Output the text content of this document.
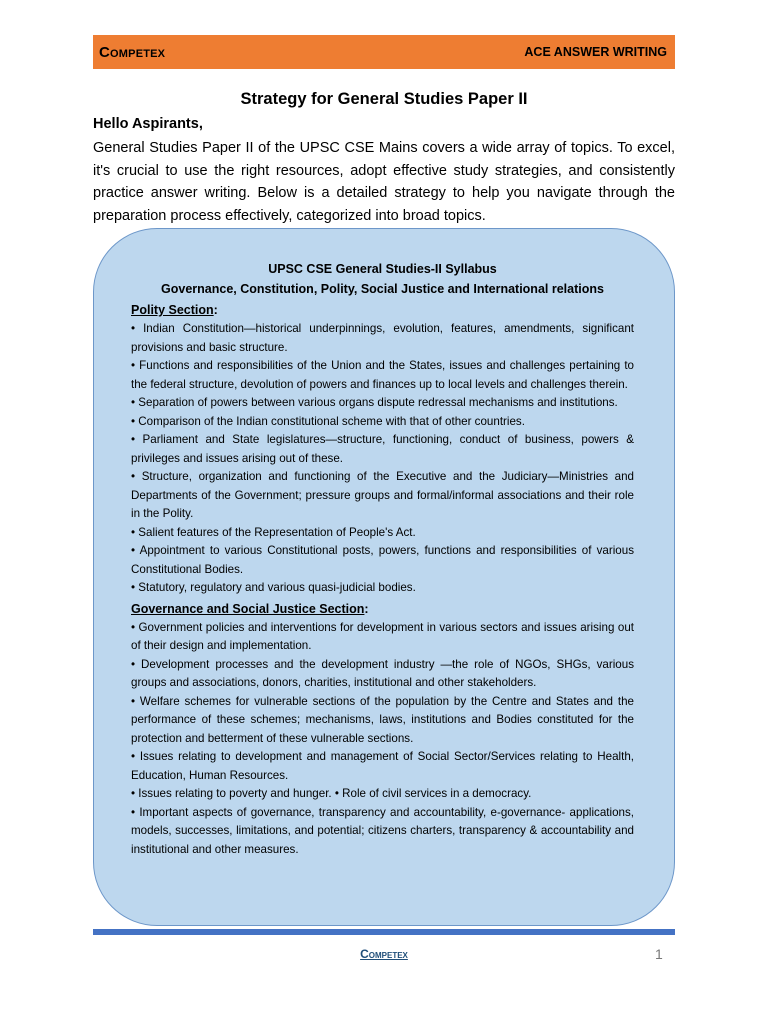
Competex	ACE ANSWER WRITING
Strategy for General Studies Paper II
Hello Aspirants,

General Studies Paper II of the UPSC CSE Mains covers a wide array of topics. To excel, it's crucial to use the right resources, adopt effective study strategies, and consistently practice answer writing. Below is a detailed strategy to help you navigate through the preparation process effectively, categorized into broad topics.

UPSC CSE General Studies-II Syllabus
Governance, Constitution, Polity, Social Justice and International relations
Polity Section:

• Indian Constitution—historical underpinnings, evolution, features, amendments, significant provisions and basic structure.

• Functions and responsibilities of the Union and the States, issues and challenges pertaining to the federal structure, devolution of powers and finances up to local levels and challenges therein.

• Separation of powers between various organs dispute redressal mechanisms and institutions.

• Comparison of the Indian constitutional scheme with that of other countries.

• Parliament and State legislatures—structure, functioning, conduct of business, powers & privileges and issues arising out of these.

• Structure, organization and functioning of the Executive and the Judiciary—Ministries and Departments of the Government; pressure groups and formal/informal associations and their role in the Polity.

• Salient features of the Representation of People's Act.

• Appointment to various Constitutional posts, powers, functions and responsibilities of various Constitutional Bodies.

• Statutory, regulatory and various quasi-judicial bodies.

Governance and Social Justice Section:

• Government policies and interventions for development in various sectors and issues arising out of their design and implementation.

• Development processes and the development industry —the role of NGOs, SHGs, various groups and associations, donors, charities, institutional and other stakeholders.

• Welfare schemes for vulnerable sections of the population by the Centre and States and the performance of these schemes; mechanisms, laws, institutions and Bodies constituted for the protection and betterment of these vulnerable sections.

• Issues relating to development and management of Social Sector/Services relating to Health, Education, Human Resources.

• Issues relating to poverty and hunger. • Role of civil services in a democracy.

• Important aspects of governance, transparency and accountability, e-governance- applications, models, successes, limitations, and potential; citizens charters, transparency & accountability and institutional and other measures.

Competex	1
